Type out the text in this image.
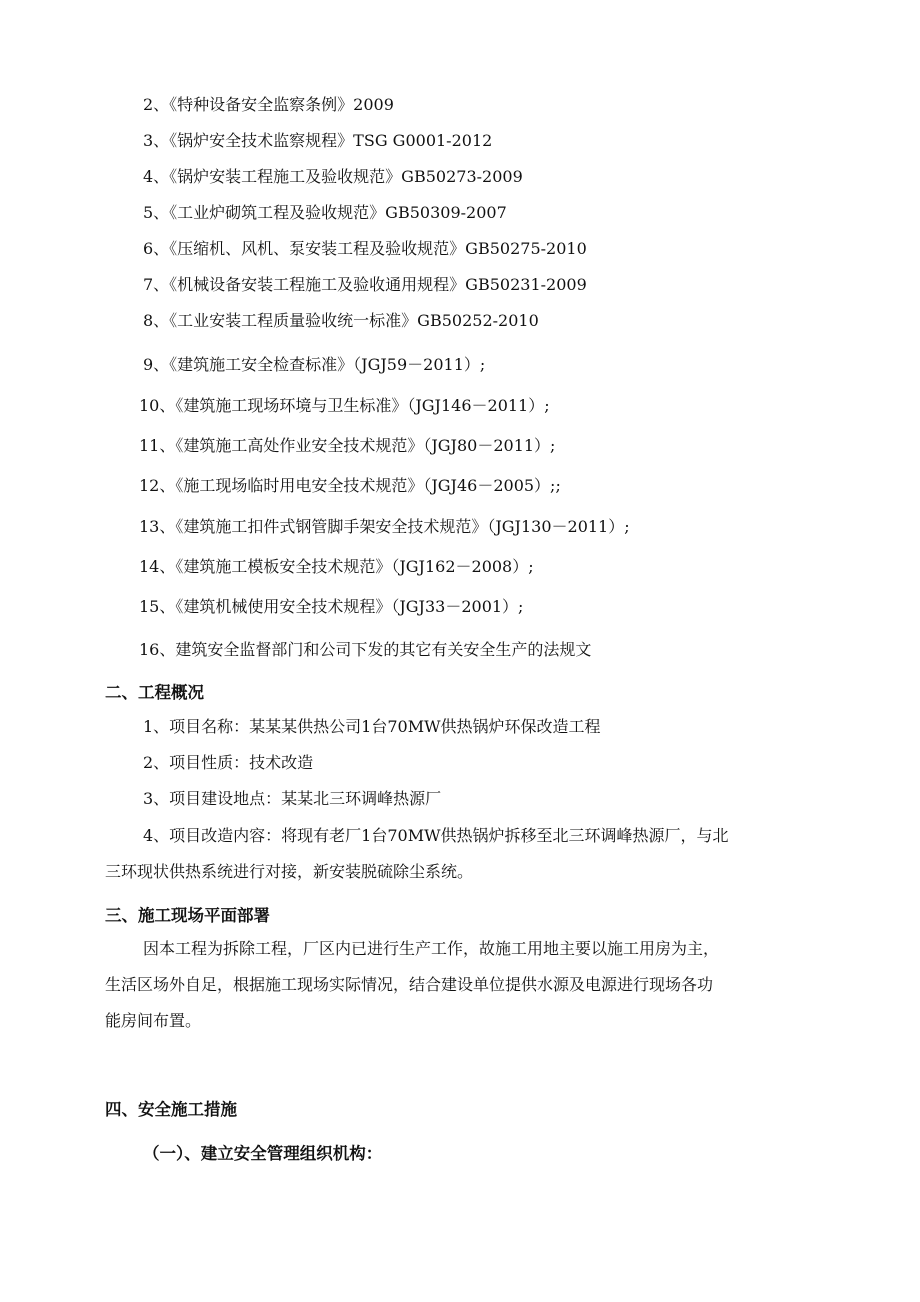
2、《特种设备安全监察条例》2009
3、《锅炉安全技术监察规程》TSG G0001-2012
4、《锅炉安装工程施工及验收规范》GB50273-2009
5、《工业炉砌筑工程及验收规范》GB50309-2007
6、《压缩机、风机、泵安装工程及验收规范》GB50275-2010
7、《机械设备安装工程施工及验收通用规程》GB50231-2009
8、《工业安装工程质量验收统一标准》GB50252-2010
9、《建筑施工安全检查标准》（JGJ59－2011）;
10、《建筑施工现场环境与卫生标准》（JGJ146－2011）;
11、《建筑施工高处作业安全技术规范》（JGJ80－2011）;
12、《施工现场临时用电安全技术规范》（JGJ46－2005）;;
13、《建筑施工扣件式钢管脚手架安全技术规范》（JGJ130－2011）;
14、《建筑施工模板安全技术规范》（JGJ162－2008）;
15、《建筑机械使用安全技术规程》（JGJ33－2001）;
16、建筑安全监督部门和公司下发的其它有关安全生产的法规文
二、工程概况
1、项目名称：某某某供热公司1台70MW供热锅炉环保改造工程
2、项目性质：技术改造
3、项目建设地点：某某北三环调峰热源厂
4、项目改造内容：将现有老厂1台70MW供热锅炉拆移至北三环调峰热源厂，与北
三环现状供热系统进行对接，新安装脱硫除尘系统。
三、施工现场平面部署
因本工程为拆除工程，厂区内已进行生产工作，故施工用地主要以施工用房为主，
生活区场外自足，根据施工现场实际情况，结合建设单位提供水源及电源进行现场各功
能房间布置。
四、安全施工措施
（一）、建立安全管理组织机构：
